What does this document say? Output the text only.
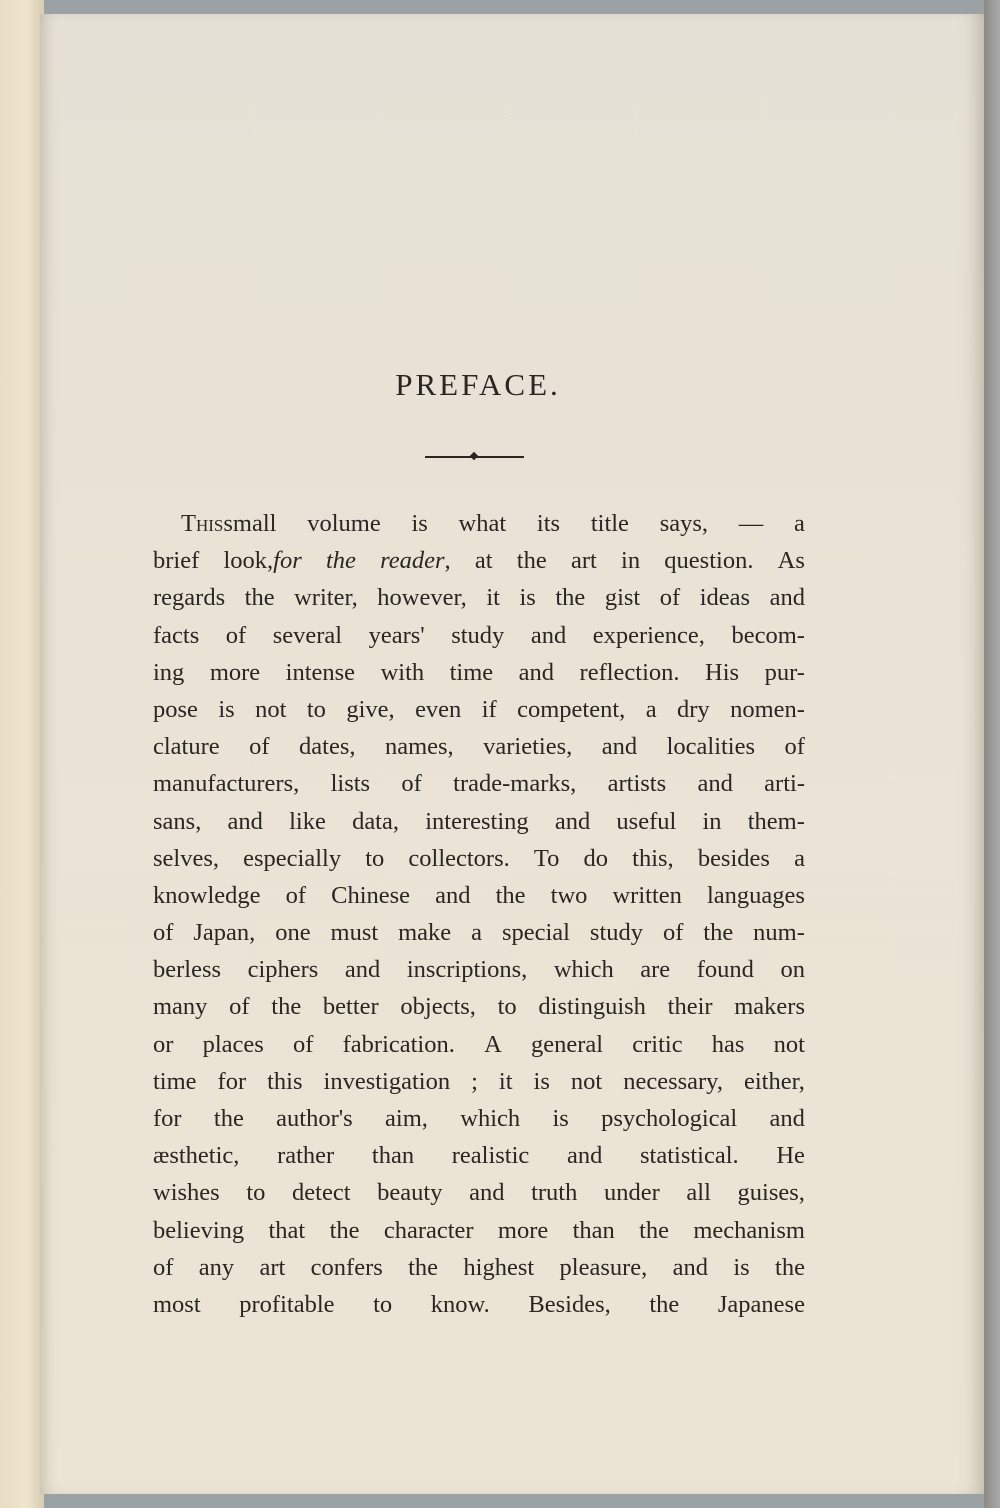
PREFACE.
Thissmall volume is what its title says, — a
brief look,for the reader, at the art in question. As
regards the writer, however, it is the gist of ideas and
facts of several years' study and experience, becom-
ing more intense with time and reflection. His pur-
pose is not to give, even if competent, a dry nomen-
clature of dates, names, varieties, and localities of
manufacturers, lists of trade-marks, artists and arti-
sans, and like data, interesting and useful in them-
selves, especially to collectors. To do this, besides a
knowledge of Chinese and the two written languages
of Japan, one must make a special study of the num-
berless ciphers and inscriptions, which are found on
many of the better objects, to distinguish their makers
or places of fabrication. A general critic has not
time for this investigation ; it is not necessary, either,
for the author's aim, which is psychological and
æsthetic, rather than realistic and statistical. He
wishes to detect beauty and truth under all guises,
believing that the character more than the mechanism
of any art confers the highest pleasure, and is the
most profitable to know. Besides, the Japanese
